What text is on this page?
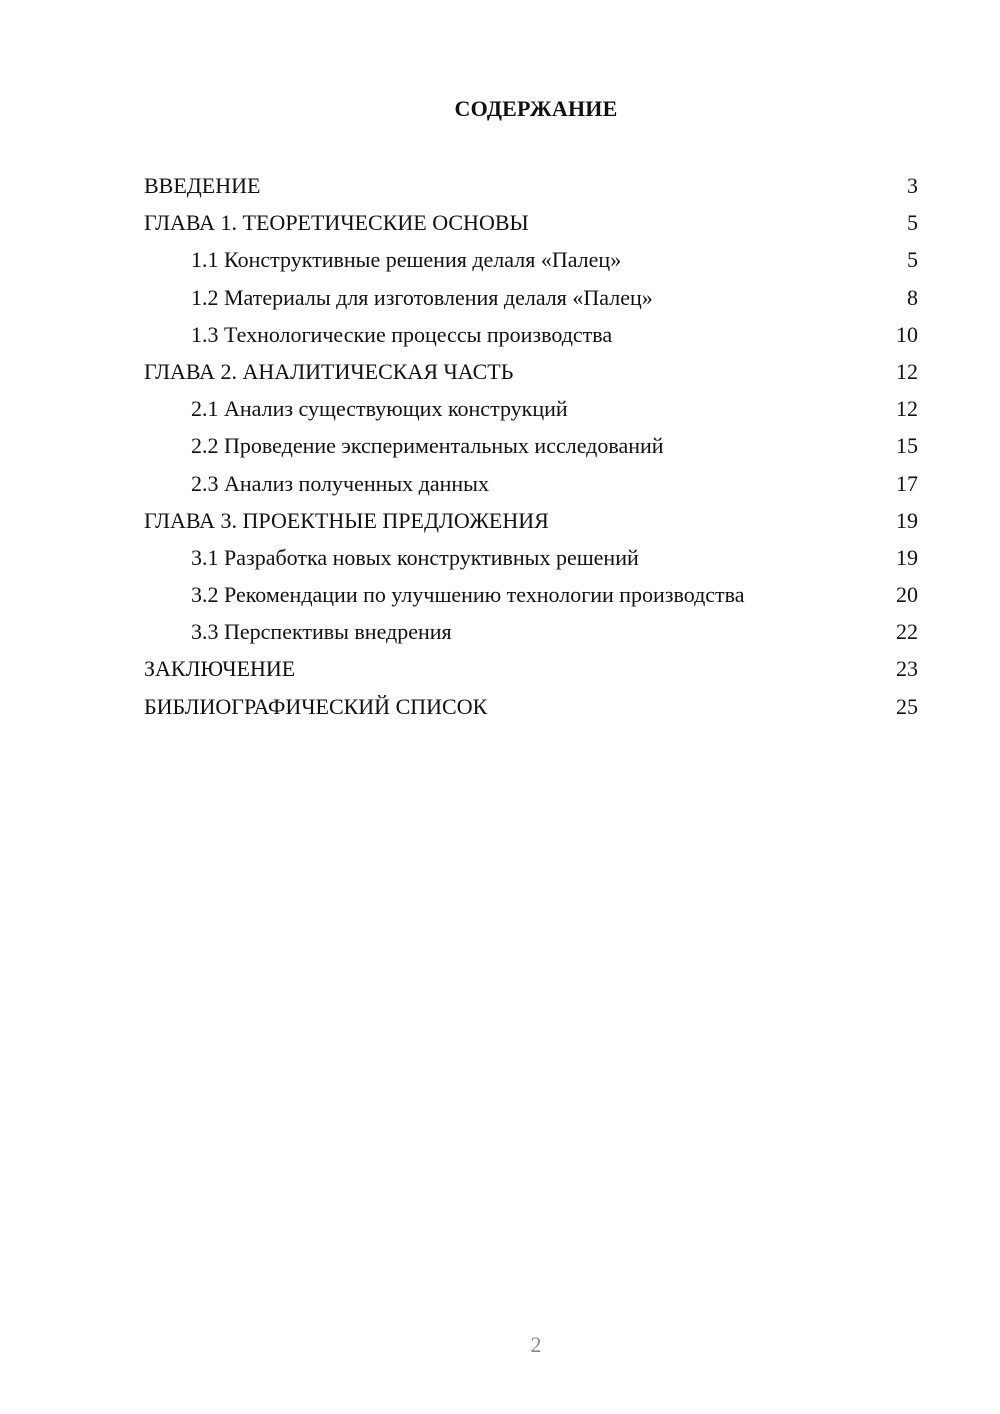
СОДЕРЖАНИЕ
ВВЕДЕНИЕ	3
ГЛАВА 1. ТЕОРЕТИЧЕСКИЕ ОСНОВЫ	5
1.1 Конструктивные решения делаля «Палец»	5
1.2 Материалы для изготовления делаля «Палец»	8
1.3 Технологические процессы производства	10
ГЛАВА 2. АНАЛИТИЧЕСКАЯ ЧАСТЬ	12
2.1 Анализ существующих конструкций	12
2.2 Проведение экспериментальных исследований	15
2.3 Анализ полученных данных	17
ГЛАВА 3. ПРОЕКТНЫЕ ПРЕДЛОЖЕНИЯ	19
3.1 Разработка новых конструктивных решений	19
3.2 Рекомендации по улучшению технологии производства	20
3.3 Перспективы внедрения	22
ЗАКЛЮЧЕНИЕ	23
БИБЛИОГРАФИЧЕСКИЙ СПИСОК	25
2
